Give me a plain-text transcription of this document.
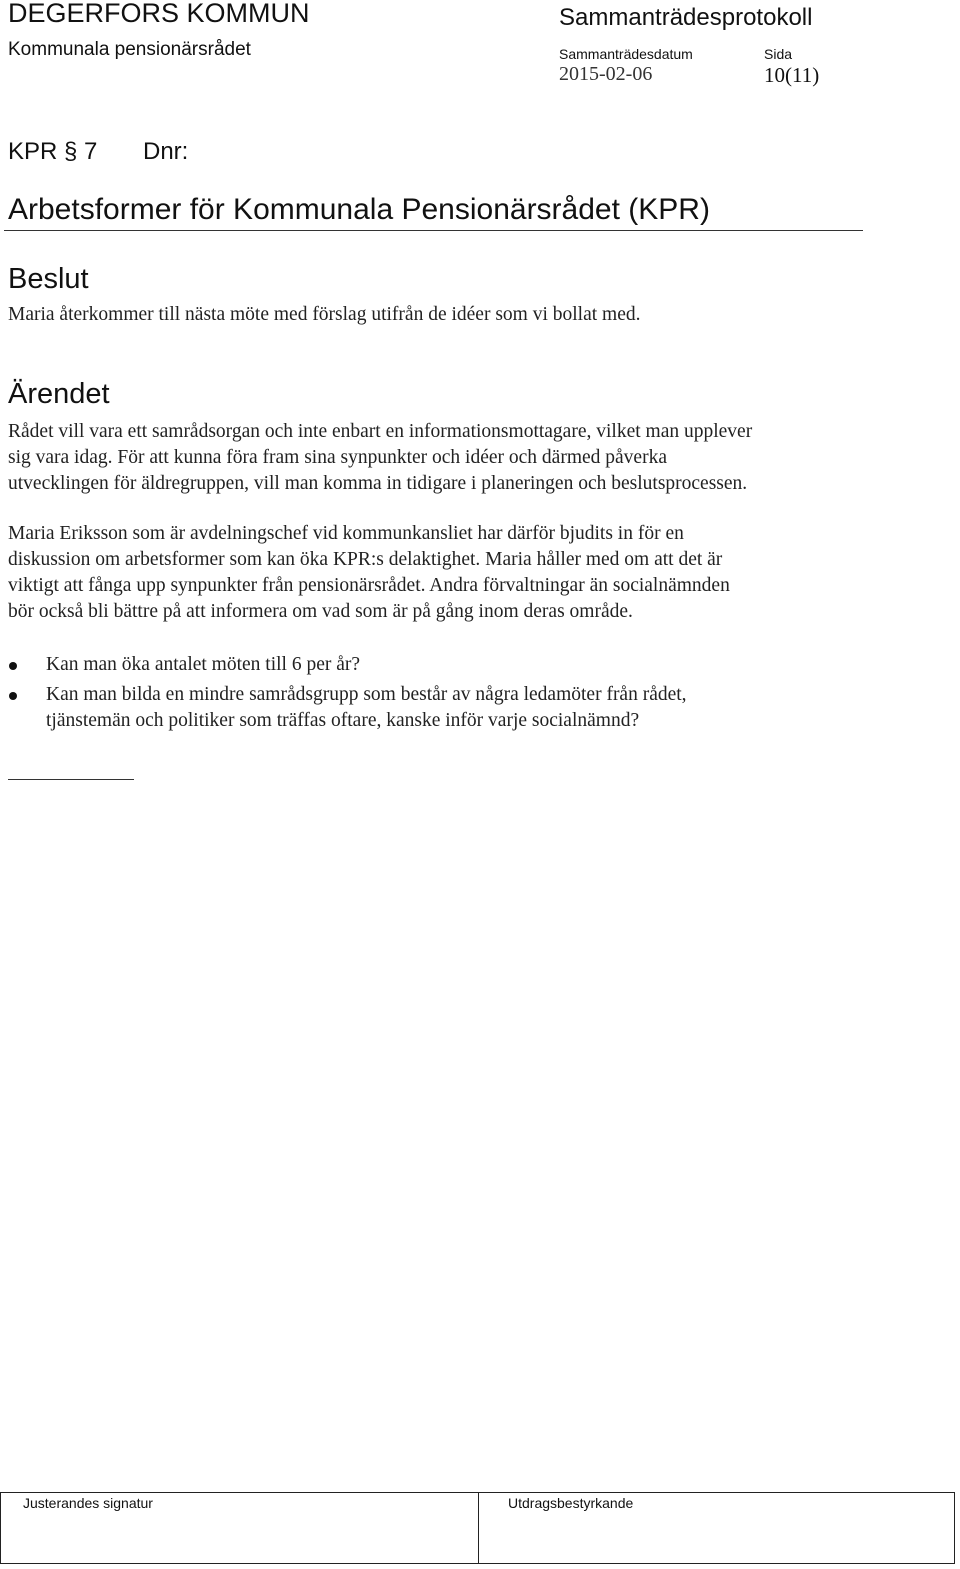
DEGERFORS KOMMUN
Kommunala pensionärsrådet
Sammanträdesprotokoll
Sammanträdesdatum
2015-02-06
Sida
10(11)
KPR § 7 Dnr:
Arbetsformer för Kommunala Pensionärsrådet (KPR)
Beslut
Maria återkommer till nästa möte med förslag utifrån de idéer som vi bollat med.
Ärendet
Rådet vill vara ett samrådsorgan och inte enbart en informationsmottagare, vilket man upplever
sig vara idag. För att kunna föra fram sina synpunkter och idéer och därmed påverka
utvecklingen för äldregruppen, vill man komma in tidigare i planeringen och beslutsprocessen.
Maria Eriksson som är avdelningschef vid kommunkansliet har därför bjudits in för en
diskussion om arbetsformer som kan öka KPR:s delaktighet. Maria håller med om att det är
viktigt att fånga upp synpunkter från pensionärsrådet. Andra förvaltningar än socialnämnden
bör också bli bättre på att informera om vad som är på gång inom deras område.
Kan man öka antalet möten till 6 per år?
Kan man bilda en mindre samrådsgrupp som består av några ledamöter från rådet,
tjänstemän och politiker som träffas oftare, kanske inför varje socialnämnd?
Justerandes signatur	Utdragsbestyrkande
